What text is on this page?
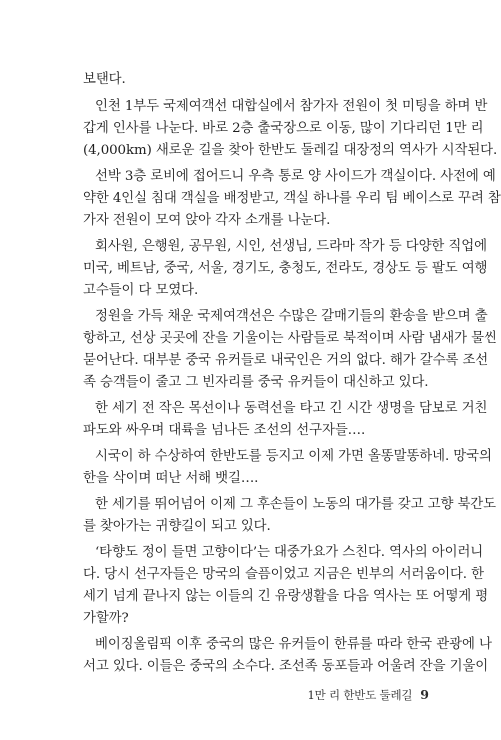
보탠다.

인천 1부두 국제여객선 대합실에서 참가자 전원이 첫 미팅을 하며 반

갑게 인사를 나눈다. 바로 2층 출국장으로 이동, 많이 기다리던 1만 리

(4,000km) 새로운 길을 찾아 한반도 둘레길 대장정의 역사가 시작된다.

선박 3층 로비에 접어드니 우측 통로 양 사이드가 객실이다. 사전에 예

약한 4인실 침대 객실을 배정받고, 객실 하나를 우리 팀 베이스로 꾸려 참

가자 전원이 모여 앉아 각자 소개를 나눈다.

회사원, 은행원, 공무원, 시인, 선생님, 드라마 작가 등 다양한 직업에

미국, 베트남, 중국, 서울, 경기도, 충청도, 전라도, 경상도 등 팔도 여행

고수들이 다 모였다.

정원을 가득 채운 국제여객선은 수많은 갈매기들의 환송을 받으며 출

항하고, 선상 곳곳에 잔을 기울이는 사람들로 북적이며 사람 냄새가 물씬

묻어난다. 대부분 중국 유커들로 내국인은 거의 없다. 해가 갈수록 조선

족 승객들이 줄고 그 빈자리를 중국 유커들이 대신하고 있다.

한 세기 전 작은 목선이나 동력선을 타고 긴 시간 생명을 담보로 거친

파도와 싸우며 대륙을 넘나든 조선의 선구자들….

시국이 하 수상하여 한반도를 등지고 이제 가면 올똥말똥하네. 망국의

한을 삭이며 떠난 서해 뱃길….

한 세기를 뛰어넘어 이제 그 후손들이 노동의 대가를 갖고 고향 북간도

를 찾아가는 귀향길이 되고 있다.

‘타향도 정이 들면 고향이다’는 대중가요가 스친다. 역사의 아이러니

다. 당시 선구자들은 망국의 슬픔이었고 지금은 빈부의 서러움이다. 한

세기 넘게 끝나지 않는 이들의 긴 유랑생활을 다음 역사는 또 어떻게 평

가할까?

베이징올림픽 이후 중국의 많은 유커들이 한류를 따라 한국 관광에 나

서고 있다. 이들은 중국의 소수다. 조선족 동포들과 어울려 잔을 기울이

1만 리 한반도 둘레길 9
